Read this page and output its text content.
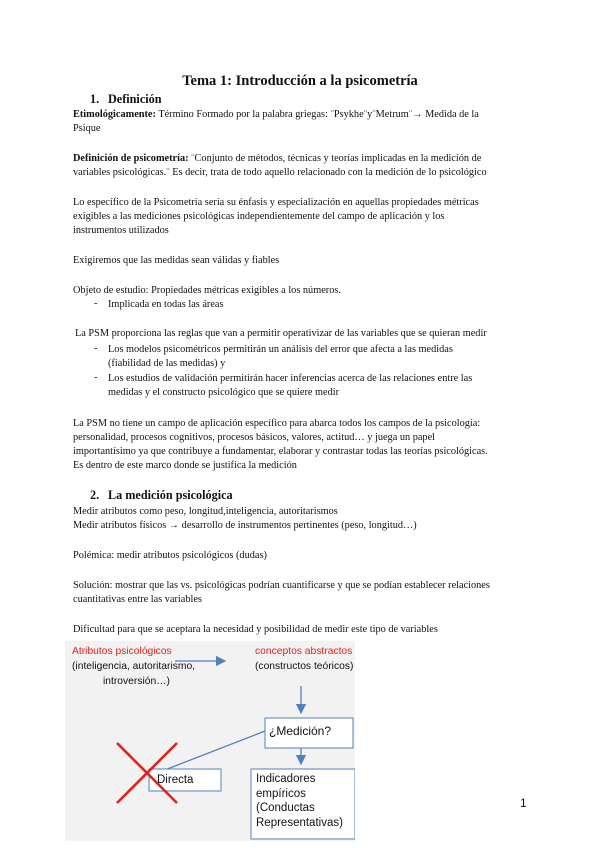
Tema 1: Introducción a la psicometría
1. Definición
Etimológicamente: Término Formado por la palabra griegas: ¨Psykhe¨y¨Metrum¨→ Medida de la
Psique
Definición de psicometría: ¨Conjunto de métodos, técnicas y teorías implicadas en la medición de
variables psicológicas.¨ Es decir, trata de todo aquello relacionado con la medición de lo psicológico
Lo específico de la Psicometría sería su énfasis y especialización en aquellas propiedades métricas
exigibles a las mediciones psicológicas independientemente del campo de aplicación y los
instrumentos utilizados
Exigiremos que las medidas sean válidas y fiables
Objeto de estudio: Propiedades métricas exigibles a los números.
- Implicada en todas las áreas
La PSM proporciona las reglas que van a permitir operativizar de las variables que se quieran medir
- Los modelos psicométricos permitirán un análisis del error que afecta a las medidas
(fiabilidad de las medidas) y
- Los estudios de validación permitirán hacer inferencias acerca de las relaciones entre las
medidas y el constructo psicológico que se quiere medir
La PSM no tiene un campo de aplicación específico para abarca todos los campos de la psicología:
personalidad, procesos cognitivos, procesos básicos, valores, actitud… y juega un papel
importantísimo ya que contribuye a fundamentar, elaborar y contrastar todas las teorías psicológicas.
Es dentro de este marco donde se justifica la medición
2. La medición psicológica
Medir atributos como peso, longitud,inteligencia, autoritarismos
Medir atributos físicos → desarrollo de instrumentos pertinentes (peso, longitud…)
Polémica: medir atributos psicológicos (dudas)
Solución: mostrar que las vs. psicológicas podrían cuantificarse y que se podían establecer relaciones
cuantitativas entre las variables
Dificultad para que se aceptara la necesidad y posibilidad de medir este tipo de variables
Atributos psicológicos
(inteligencia, autoritarismo,
introversión…)
conceptos abstractos
(constructos teóricos)
¿Medición?
Directa	Indicadores
empíricos
(Conductas
Representativas)
1
